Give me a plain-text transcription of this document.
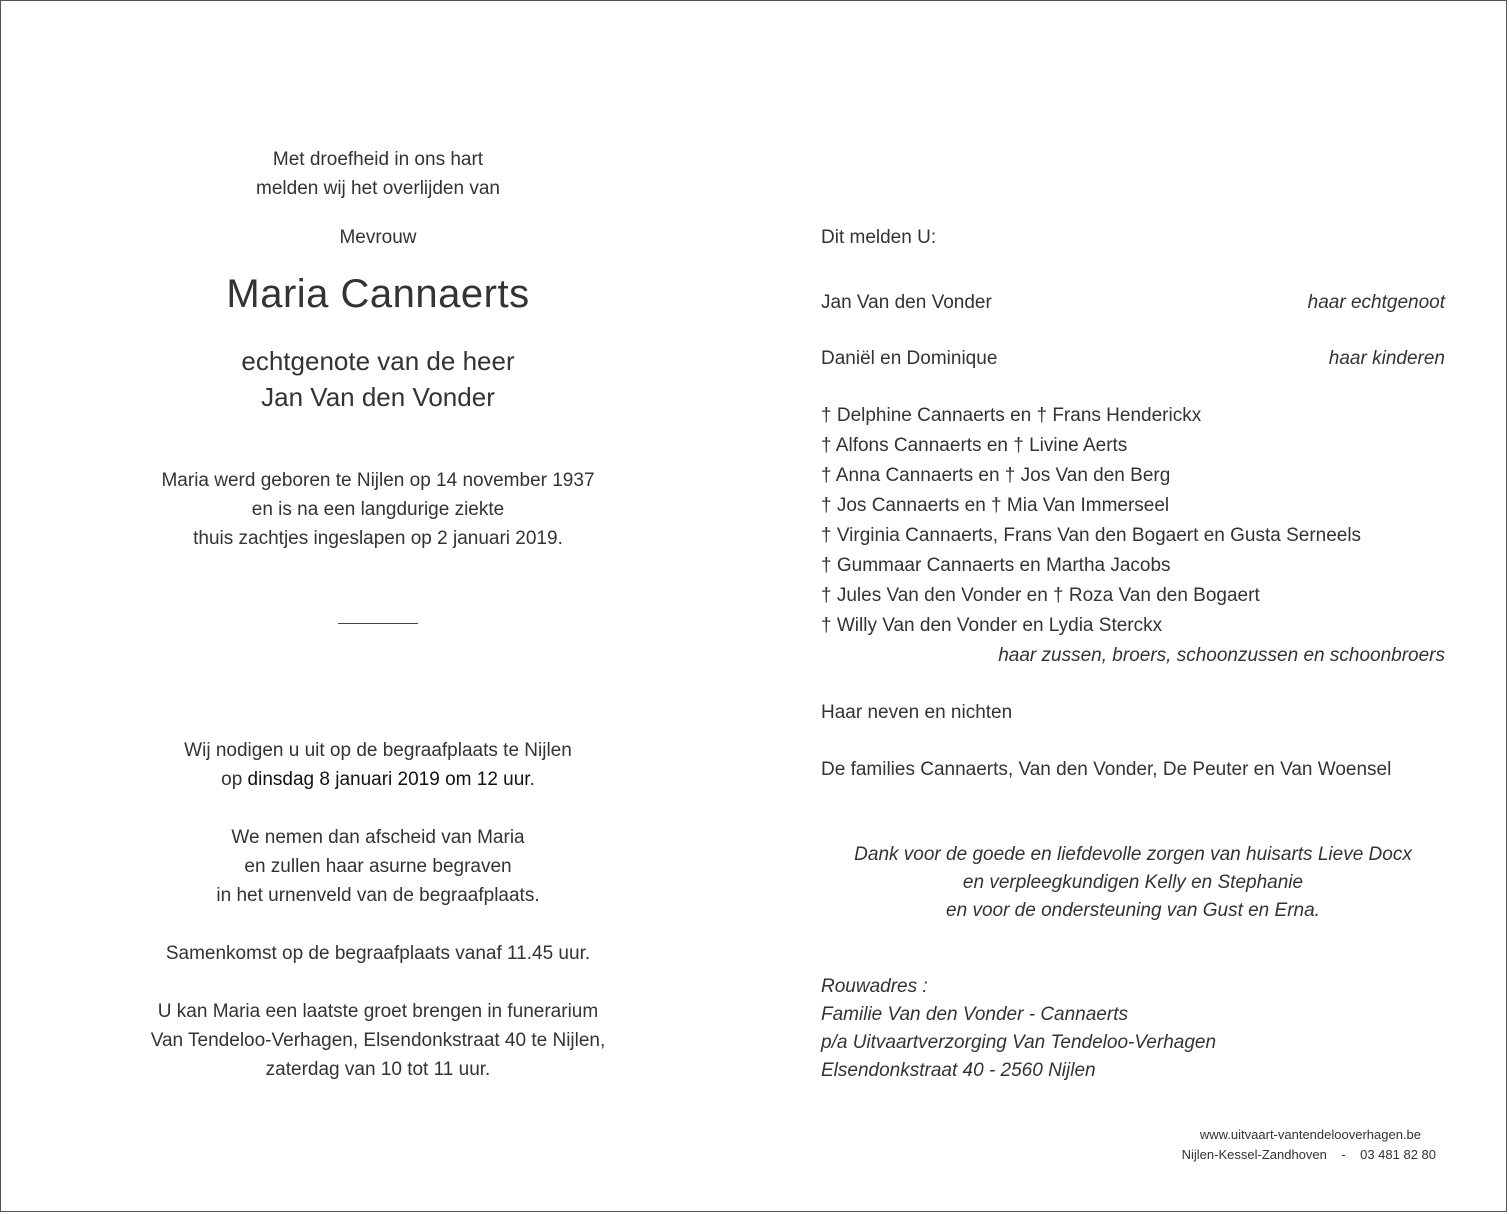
Met droefheid in ons hart
melden wij het overlijden van
Mevrouw
Maria Cannaerts
echtgenote van de heer
Jan Van den Vonder
Maria werd geboren te Nijlen op 14 november 1937
en is na een langdurige ziekte
thuis zachtjes ingeslapen op 2 januari 2019.
Wij nodigen u uit op de begraafplaats te Nijlen
op dinsdag 8 januari 2019 om 12 uur.
We nemen dan afscheid van Maria
en zullen haar asurne begraven
in het urnenveld van de begraafplaats.
Samenkomst op de begraafplaats vanaf 11.45 uur.
U kan Maria een laatste groet brengen in funerarium
Van Tendeloo-Verhagen, Elsendonkstraat 40 te Nijlen,
zaterdag van 10 tot 11 uur.
Dit melden U:
Jan Van den Vonder	haar echtgenoot
Daniël en Dominique	haar kinderen
† Delphine Cannaerts en † Frans Henderickx
† Alfons Cannaerts en † Livine Aerts
† Anna Cannaerts en † Jos Van den Berg
† Jos Cannaerts en † Mia Van Immerseel
† Virginia Cannaerts, Frans Van den Bogaert en Gusta Serneels
† Gummaar Cannaerts en Martha Jacobs
† Jules Van den Vonder en † Roza Van den Bogaert
† Willy Van den Vonder en Lydia Sterckx
haar zussen, broers, schoonzussen en schoonbroers
Haar neven en nichten
De families Cannaerts, Van den Vonder, De Peuter en Van Woensel
Dank voor de goede en liefdevolle zorgen van huisarts Lieve Docx
en verpleegkundigen Kelly en Stephanie
en voor de ondersteuning van Gust en Erna.
Rouwadres :
Familie Van den Vonder - Cannaerts
p/a Uitvaartverzorging Van Tendeloo-Verhagen
Elsendonkstraat 40 - 2560 Nijlen
www.uitvaart-vantendelooverhagen.be
Nijlen-Kessel-Zandhoven    -    03 481 82 80
